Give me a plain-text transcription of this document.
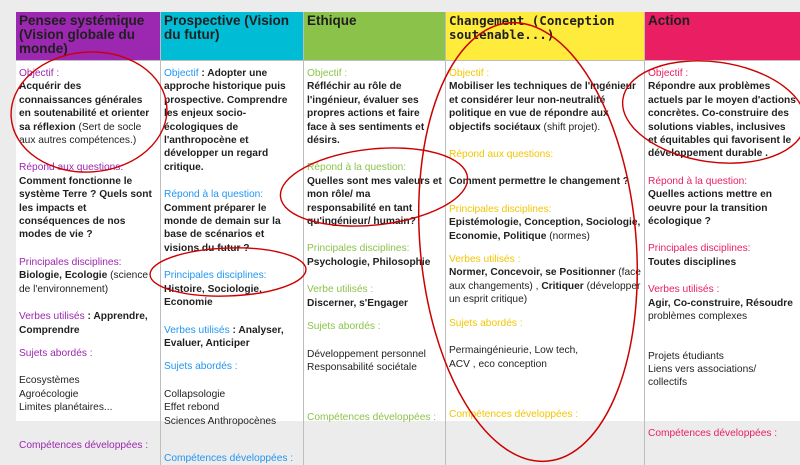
Pensee systémique (Vision globale du monde)
Objectif :
Acquérir des connaissances générales en soutenabilité et orienter sa réflexion (Sert de socle aux autres compétences.)
Répond aux questions:
Comment fonctionne le système Terre ? Quels sont les impacts et conséquences de nos modes de vie ?
Principales disciplines:
Biologie, Ecologie (science de l'environnement)
Verbes utilisés : Apprendre, Comprendre
Sujets abordés :
Ecosystèmes
Agroécologie
Limites planétaires...
Compétences développées :
Prospective (Vision du futur)
Objectif : Adopter une approche historique puis prospective. Comprendre les enjeux socio-écologiques de l'anthropocène et développer un regard critique.
Répond à la question:
Comment préparer le monde de demain sur la base de scénarios et visions du futur ?
Principales disciplines: Histoire, Sociologie, Economie
Verbes utilisés : Analyser, Evaluer, Anticiper
Sujets abordés :
Collapsologie
Effet rebond
Sciences Anthropocènes
Compétences développées :
Ethique
Objectif :
Réfléchir au rôle de l'ingénieur, évaluer ses propres actions et faire face à ses sentiments et désirs.
Répond à la question:
Quelles sont mes valeurs et mon rôle/ ma responsabilité en tant qu'ingénieur/ humain?
Principales disciplines:
Psychologie, Philosophie
Verbe utilisés :
Discerner, s'Engager
Sujets abordés :
Développement personnel
Responsabilité sociétale
Compétences développées :
Changement (Conception soutenable...)
Objectif :
Mobiliser les techniques de l'ingénieur et considérer leur non-neutralité politique en vue de répondre aux objectifs sociétaux (shift projet).
Répond aux questions:
Comment permettre le changement ?
Principales disciplines:
Epistémologie, Conception, Sociologie, Economie, Politique (normes)
Verbes utilisés :
Normer, Concevoir, se Positionner (face aux changements) , Critiquer (développer un esprit critique)
Sujets abordés :
Permaingénieurie, Low tech,
ACV , eco conception
Compétences développées :
Action
Objectif :
Répondre aux problèmes actuels par le moyen d'actions concrètes. Co-construire des solutions viables, inclusives et équitables qui favorisent le développement durable .
Répond à la question:
Quelles actions mettre en oeuvre pour la transition écologique ?
Principales disciplines:
Toutes disciplines
Verbes utilisés :
Agir, Co-construire, Résoudre problèmes complexes
Projets étudiants
Liens vers associations/ collectifs
Compétences développées :
